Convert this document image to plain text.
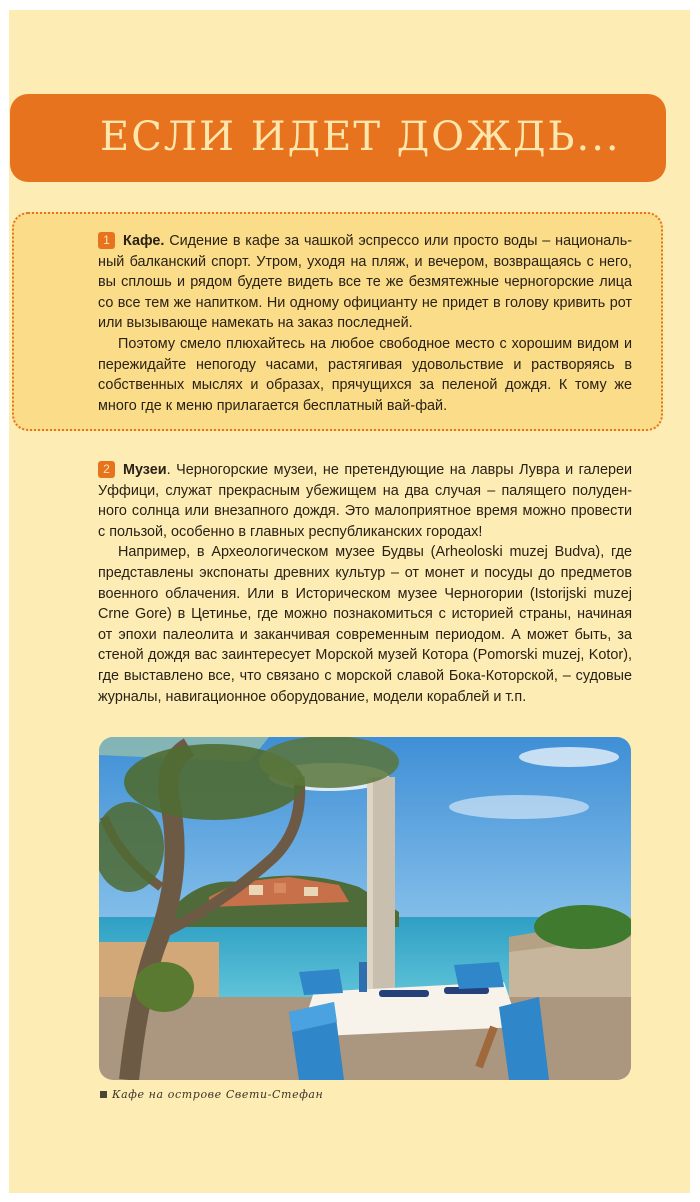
ЕСЛИ ИДЕТ ДОЖДЬ...

1 Кафе. Сидение в кафе за чашкой эспрессо или просто воды – национальный балканский спорт. Утром, уходя на пляж, и вечером, возвращаясь с него, вы сплошь и рядом будете видеть все те же безмятежные черногорские лица со все тем же напитком. Ни одному официанту не придет в голову кривить рот или вызывающе намекать на заказ последней.

Поэтому смело плюхайтесь на любое свободное место с хорошим видом и пережидайте непогоду часами, растягивая удовольствие и растворяясь в собственных мыслях и образах, прячущихся за пеленой дождя. К тому же много где к меню прилагается бесплатный вай-фай.

2 Музеи. Черногорские музеи, не претендующие на лавры Лувра и галереи Уффици, служат прекрасным убежищем на два случая – палящего полуденного солнца или внезапного дождя. Это малоприятное время можно провести с пользой, особенно в главных республиканских городах!

Например, в Археологическом музее Будвы (Arheoloski muzej Budva), где представлены экспонаты древних культур – от монет и посуды до предметов военного облачения. Или в Историческом музее Черногории (Istorijski muzej Crne Gore) в Цетинье, где можно познакомиться с историей страны, начиная от эпохи палеолита и заканчивая современным периодом. А может быть, за стеной дождя вас заинтересует Морской музей Котора (Pomorski muzej, Kotor), где выставлено все, что связано с морской славой Бока-Которской, – судовые журналы, навигационное оборудование, модели кораблей и т.п.

Кафе на острове Свети-Стефан
